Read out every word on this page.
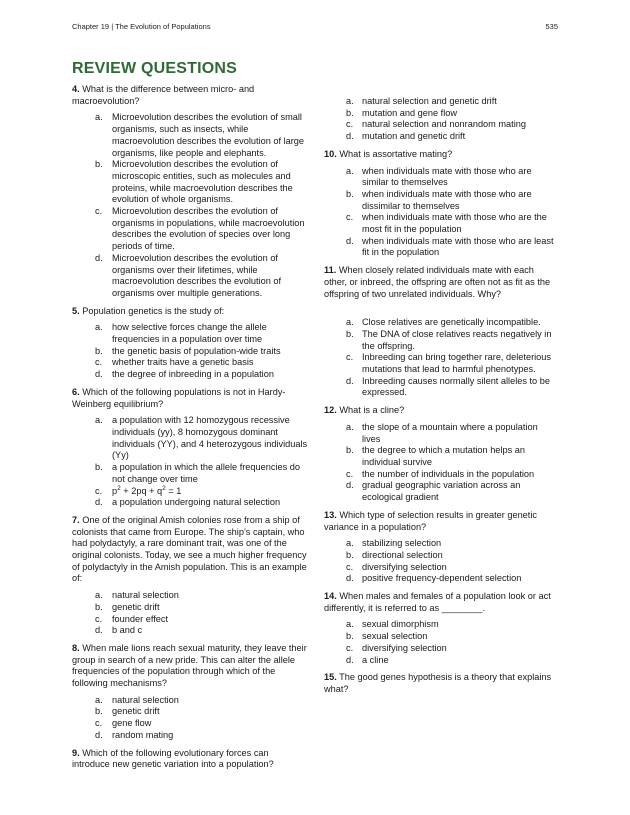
Chapter 19 | The Evolution of Populations	535
REVIEW QUESTIONS
4. What is the difference between micro- and macroevolution?
a. Microevolution describes the evolution of small organisms, such as insects, while macroevolution describes the evolution of large organisms, like people and elephants.
b. Microevolution describes the evolution of microscopic entities, such as molecules and proteins, while macroevolution describes the evolution of whole organisms.
c. Microevolution describes the evolution of organisms in populations, while macroevolution describes the evolution of species over long periods of time.
d. Microevolution describes the evolution of organisms over their lifetimes, while macroevolution describes the evolution of organisms over multiple generations.
5. Population genetics is the study of:
a. how selective forces change the allele frequencies in a population over time
b. the genetic basis of population-wide traits
c. whether traits have a genetic basis
d. the degree of inbreeding in a population
6. Which of the following populations is not in Hardy-Weinberg equilibrium?
a. a population with 12 homozygous recessive individuals (yy), 8 homozygous dominant individuals (YY), and 4 heterozygous individuals (Yy)
b. a population in which the allele frequencies do not change over time
c. $p^2 + 2pq + q^2 = 1$
d. a population undergoing natural selection
7. One of the original Amish colonies rose from a ship of colonists that came from Europe. The ship’s captain, who had polydactyly, a rare dominant trait, was one of the original colonists. Today, we see a much higher frequency of polydactyly in the Amish population. This is an example of:
a. natural selection
b. genetic drift
c. founder effect
d. b and c
8. When male lions reach sexual maturity, they leave their group in search of a new pride. This can alter the allele frequencies of the population through which of the following mechanisms?
a. natural selection
b. genetic drift
c. gene flow
d. random mating
9. Which of the following evolutionary forces can introduce new genetic variation into a population?
a. natural selection and genetic drift
b. mutation and gene flow
c. natural selection and nonrandom mating
d. mutation and genetic drift
10. What is assortative mating?
a. when individuals mate with those who are similar to themselves
b. when individuals mate with those who are dissimilar to themselves
c. when individuals mate with those who are the most fit in the population
d. when individuals mate with those who are least fit in the population
11. When closely related individuals mate with each other, or inbreed, the offspring are often not as fit as the offspring of two unrelated individuals. Why?
a. Close relatives are genetically incompatible.
b. The DNA of close relatives reacts negatively in the offspring.
c. Inbreeding can bring together rare, deleterious mutations that lead to harmful phenotypes.
d. Inbreeding causes normally silent alleles to be expressed.
12. What is a cline?
a. the slope of a mountain where a population lives
b. the degree to which a mutation helps an individual survive
c. the number of individuals in the population
d. gradual geographic variation across an ecological gradient
13. Which type of selection results in greater genetic variance in a population?
a. stabilizing selection
b. directional selection
c. diversifying selection
d. positive frequency-dependent selection
14. When males and females of a population look or act differently, it is referred to as ________.
a. sexual dimorphism
b. sexual selection
c. diversifying selection
d. a cline
15. The good genes hypothesis is a theory that explains what?
